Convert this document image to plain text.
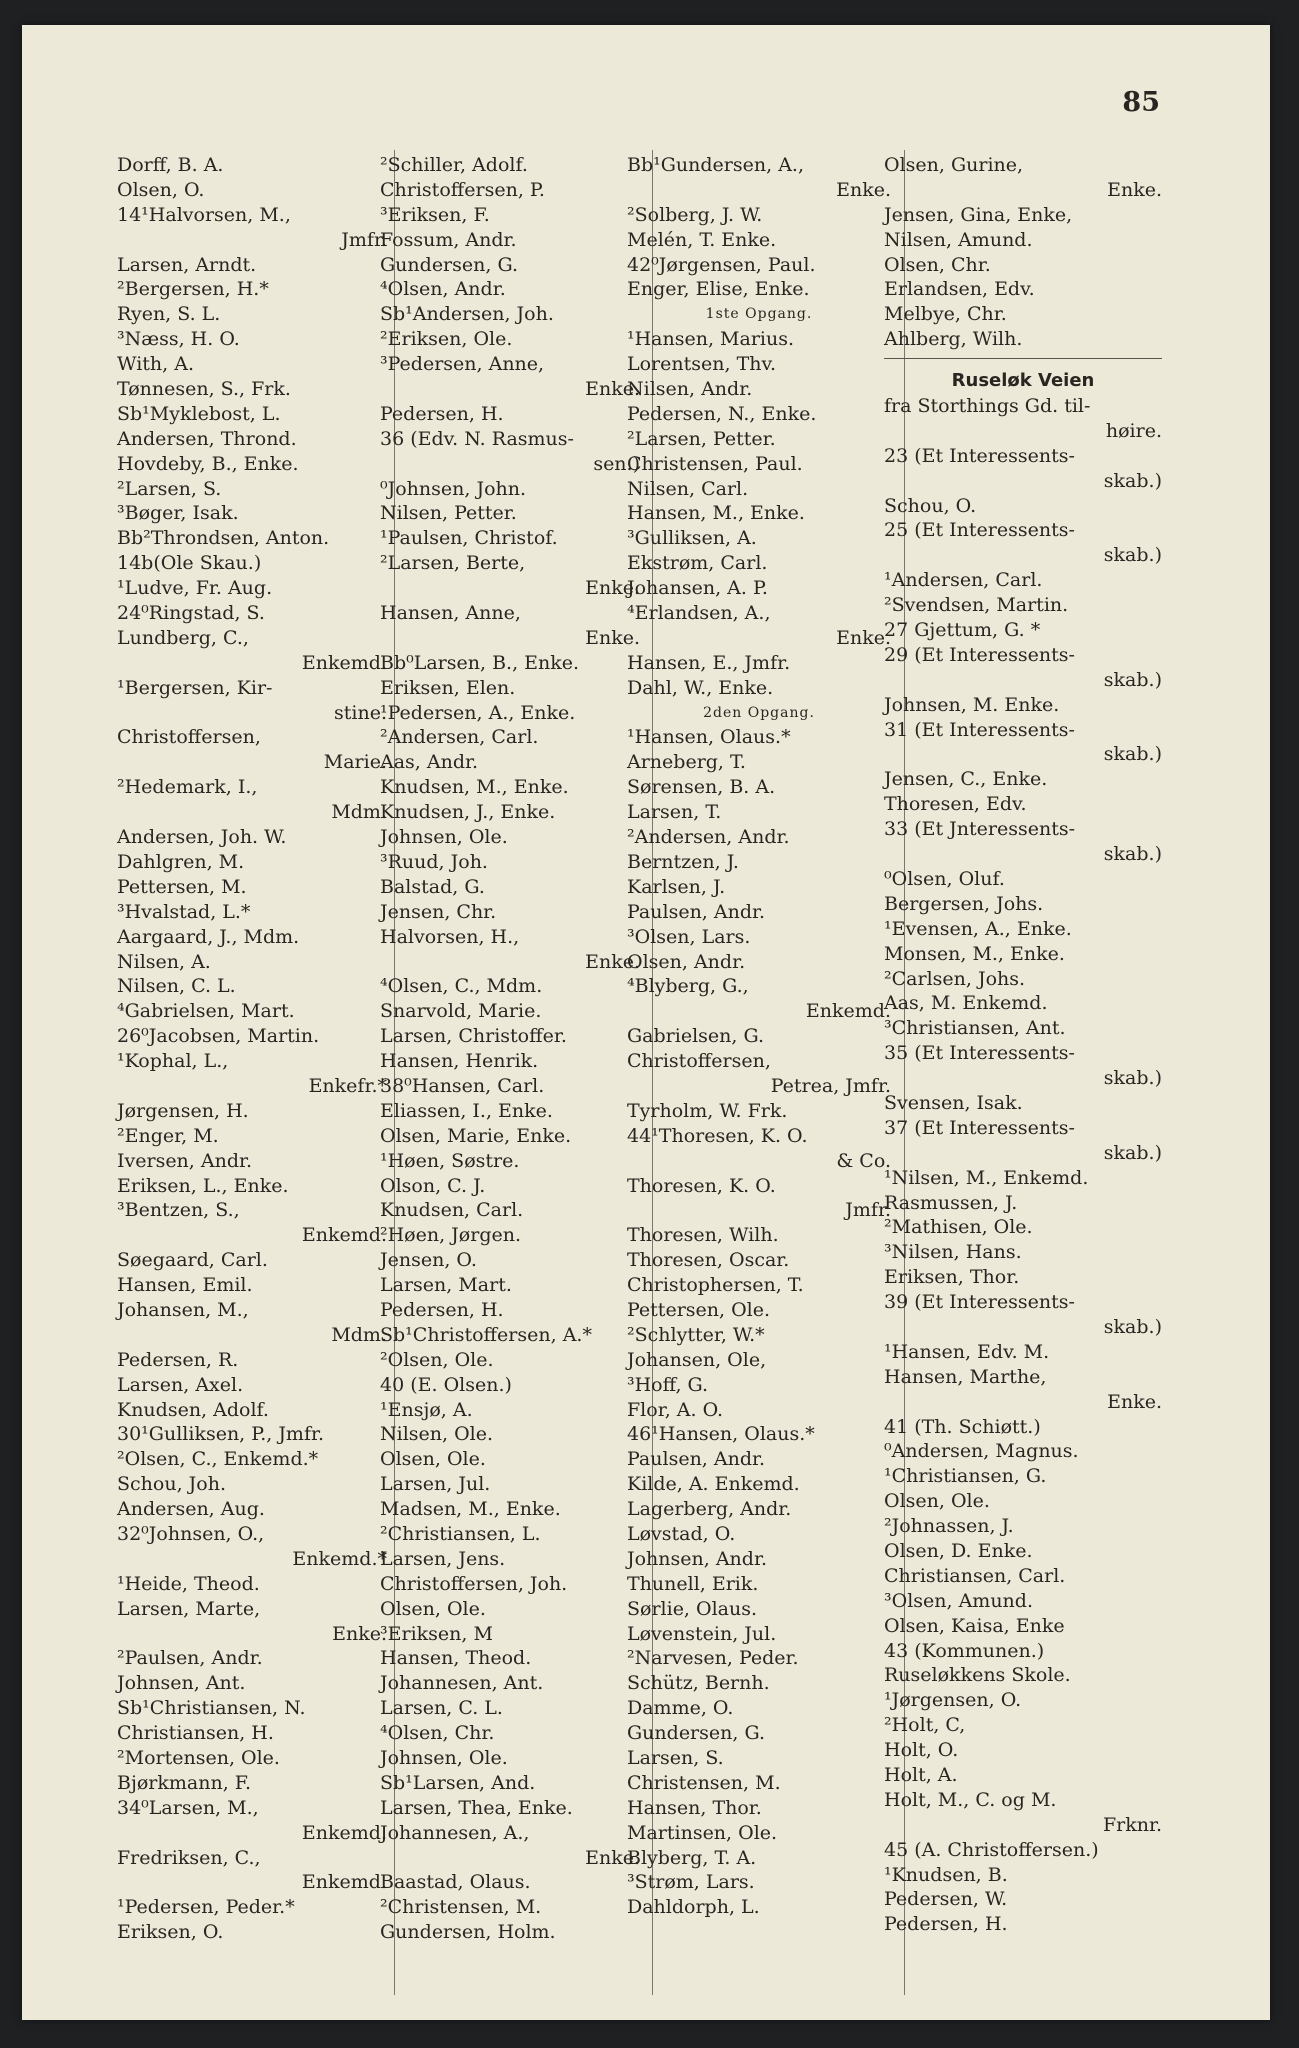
85
Dorff, B. A.
Olsen, O.
14¹Halvorsen, M.,
Jmfr.
Larsen, Arndt.
²Bergersen, H.*
Ryen, S. L.
³Næss, H. O.
With, A.
Tønnesen, S., Frk.
Sb¹Myklebost, L.
Andersen, Thrond.
Hovdeby, B., Enke.
²Larsen, S.
³Bøger, Isak.
Bb²Throndsen, Anton.
14b(Ole Skau.)
¹Ludve, Fr. Aug.
24⁰Ringstad, S.
Lundberg, C.,
Enkemd.
¹Bergersen, Kir-
stine.
Christoffersen,
Marie.
²Hedemark, I.,
Mdm.
Andersen, Joh. W.
Dahlgren, M.
Pettersen, M.
³Hvalstad, L.*
Aargaard, J., Mdm.
Nilsen, A.
Nilsen, C. L.
⁴Gabrielsen, Mart.
26⁰Jacobsen, Martin.
¹Kophal, L.,
Enkefr.*
Jørgensen, H.
²Enger, M.
Iversen, Andr.
Eriksen, L., Enke.
³Bentzen, S.,
Enkemd.
Søegaard, Carl.
Hansen, Emil.
Johansen, M.,
Mdm.
Pedersen, R.
Larsen, Axel.
Knudsen, Adolf.
30¹Gulliksen, P., Jmfr.
²Olsen, C., Enkemd.*
Schou, Joh.
Andersen, Aug.
32⁰Johnsen, O.,
Enkemd.*
¹Heide, Theod.
Larsen, Marte,
Enke.
²Paulsen, Andr.
Johnsen, Ant.
Sb¹Christiansen, N.
Christiansen, H.
²Mortensen, Ole.
Bjørkmann, F.
34⁰Larsen, M.,
Enkemd.
Fredriksen, C.,
Enkemd.
¹Pedersen, Peder.*
Eriksen, O.
²Schiller, Adolf.
Christoffersen, P.
³Eriksen, F.
Fossum, Andr.
Gundersen, G.
⁴Olsen, Andr.
Sb¹Andersen, Joh.
²Eriksen, Ole.
³Pedersen, Anne,
Enke.
Pedersen, H.
36 (Edv. N. Rasmus-
sen.)
⁰Johnsen, John.
Nilsen, Petter.
¹Paulsen, Christof.
²Larsen, Berte,
Enke.
Hansen, Anne,
Enke.
Bb⁰Larsen, B., Enke.
Eriksen, Elen.
¹Pedersen, A., Enke.
²Andersen, Carl.
Aas, Andr.
Knudsen, M., Enke.
Knudsen, J., Enke.
Johnsen, Ole.
³Ruud, Joh.
Balstad, G.
Jensen, Chr.
Halvorsen, H.,
Enke.
⁴Olsen, C., Mdm.
Snarvold, Marie.
Larsen, Christoffer.
Hansen, Henrik.
38⁰Hansen, Carl.
Eliassen, I., Enke.
Olsen, Marie, Enke.
¹Høen, Søstre.
Olson, C. J.
Knudsen, Carl.
²Høen, Jørgen.
Jensen, O.
Larsen, Mart.
Pedersen, H.
Sb¹Christoffersen, A.*
²Olsen, Ole.
40 (E. Olsen.)
¹Ensjø, A.
Nilsen, Ole.
Olsen, Ole.
Larsen, Jul.
Madsen, M., Enke.
²Christiansen, L.
Larsen, Jens.
Christoffersen, Joh.
Olsen, Ole.
³Eriksen, M
Hansen, Theod.
Johannesen, Ant.
Larsen, C. L.
⁴Olsen, Chr.
Johnsen, Ole.
Sb¹Larsen, And.
Larsen, Thea, Enke.
Johannesen, A.,
Enke.
Baastad, Olaus.
²Christensen, M.
Gundersen, Holm.
Bb¹Gundersen, A.,
Enke.
²Solberg, J. W.
Melén, T. Enke.
42⁰Jørgensen, Paul.
Enger, Elise, Enke.
1ste Opgang.
¹Hansen, Marius.
Lorentsen, Thv.
Nilsen, Andr.
Pedersen, N., Enke.
²Larsen, Petter.
Christensen, Paul.
Nilsen, Carl.
Hansen, M., Enke.
³Gulliksen, A.
Ekstrøm, Carl.
Johansen, A. P.
⁴Erlandsen, A.,
Enke.
Hansen, E., Jmfr.
Dahl, W., Enke.
2den Opgang.
¹Hansen, Olaus.*
Arneberg, T.
Sørensen, B. A.
Larsen, T.
²Andersen, Andr.
Berntzen, J.
Karlsen, J.
Paulsen, Andr.
³Olsen, Lars.
Olsen, Andr.
⁴Blyberg, G.,
Enkemd.
Gabrielsen, G.
Christoffersen,
Petrea, Jmfr.
Tyrholm, W. Frk.
44¹Thoresen, K. O.
& Co.
Thoresen, K. O.
Jmfr.
Thoresen, Wilh.
Thoresen, Oscar.
Christophersen, T.
Pettersen, Ole.
²Schlytter, W.*
Johansen, Ole,
³Hoff, G.
Flor, A. O.
46¹Hansen, Olaus.*
Paulsen, Andr.
Kilde, A. Enkemd.
Lagerberg, Andr.
Løvstad, O.
Johnsen, Andr.
Thunell, Erik.
Sørlie, Olaus.
Løvenstein, Jul.
²Narvesen, Peder.
Schütz, Bernh.
Damme, O.
Gundersen, G.
Larsen, S.
Christensen, M.
Hansen, Thor.
Martinsen, Ole.
Blyberg, T. A.
³Strøm, Lars.
Dahldorph, L.
Olsen, Gurine,
Enke.
Jensen, Gina, Enke,
Nilsen, Amund.
Olsen, Chr.
Erlandsen, Edv.
Melbye, Chr.
Ahlberg, Wilh.
Ruseløk Veien
fra Storthings Gd. til-
høire.
23 (Et Interessents-
skab.)
Schou, O.
25 (Et Interessents-
skab.)
¹Andersen, Carl.
²Svendsen, Martin.
27 Gjettum, G. *
29 (Et Interessents-
skab.)
Johnsen, M. Enke.
31 (Et Interessents-
skab.)
Jensen, C., Enke.
Thoresen, Edv.
33 (Et Jnteressents-
skab.)
⁰Olsen, Oluf.
Bergersen, Johs.
¹Evensen, A., Enke.
Monsen, M., Enke.
²Carlsen, Johs.
Aas, M. Enkemd.
³Christiansen, Ant.
35 (Et Interessents-
skab.)
Svensen, Isak.
37 (Et Interessents-
skab.)
¹Nilsen, M., Enkemd.
Rasmussen, J.
²Mathisen, Ole.
³Nilsen, Hans.
Eriksen, Thor.
39 (Et Interessents-
skab.)
¹Hansen, Edv. M.
Hansen, Marthe,
Enke.
41 (Th. Schiøtt.)
⁰Andersen, Magnus.
¹Christiansen, G.
Olsen, Ole.
²Johnassen, J.
Olsen, D. Enke.
Christiansen, Carl.
³Olsen, Amund.
Olsen, Kaisa, Enke
43 (Kommunen.)
Ruseløkkens Skole.
¹Jørgensen, O.
²Holt, C,
Holt, O.
Holt, A.
Holt, M., C. og M.
Frknr.
45 (A. Christoffersen.)
¹Knudsen, B.
Pedersen, W.
Pedersen, H.
